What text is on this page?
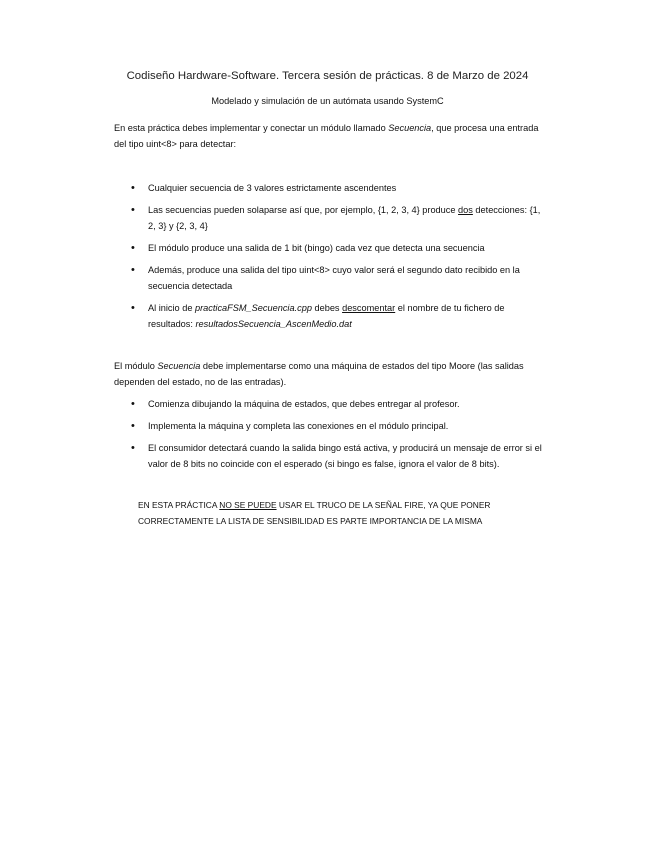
Codiseño Hardware-Software. Tercera sesión de prácticas. 8 de Marzo de 2024
Modelado y simulación de un autómata usando SystemC

En esta práctica debes implementar y conectar un módulo llamado Secuencia, que procesa una entrada del tipo uint<8> para detectar:

• Cualquier secuencia de 3 valores estrictamente ascendentes
• Las secuencias pueden solaparse así que, por ejemplo, {1, 2, 3, 4} produce dos detecciones: {1, 2, 3} y {2, 3, 4}
• El módulo produce una salida de 1 bit (bingo) cada vez que detecta una secuencia
• Además, produce una salida del tipo uint<8> cuyo valor será el segundo dato recibido en la secuencia detectada
• Al inicio de practicaFSM_Secuencia.cpp debes descomentar el nombre de tu fichero de resultados: resultadosSecuencia_AscenMedio.dat

El módulo Secuencia debe implementarse como una máquina de estados del tipo Moore (las salidas dependen del estado, no de las entradas).

• Comienza dibujando la máquina de estados, que debes entregar al profesor.
• Implementa la máquina y completa las conexiones en el módulo principal.
• El consumidor detectará cuando la salida bingo está activa, y producirá un mensaje de error si el valor de 8 bits no coincide con el esperado (si bingo es false, ignora el valor de 8 bits).

EN ESTA PRÁCTICA NO SE PUEDE USAR EL TRUCO DE LA SEÑAL FIRE, YA QUE PONER CORRECTAMENTE LA LISTA DE SENSIBILIDAD ES PARTE IMPORTANCIA DE LA MISMA
